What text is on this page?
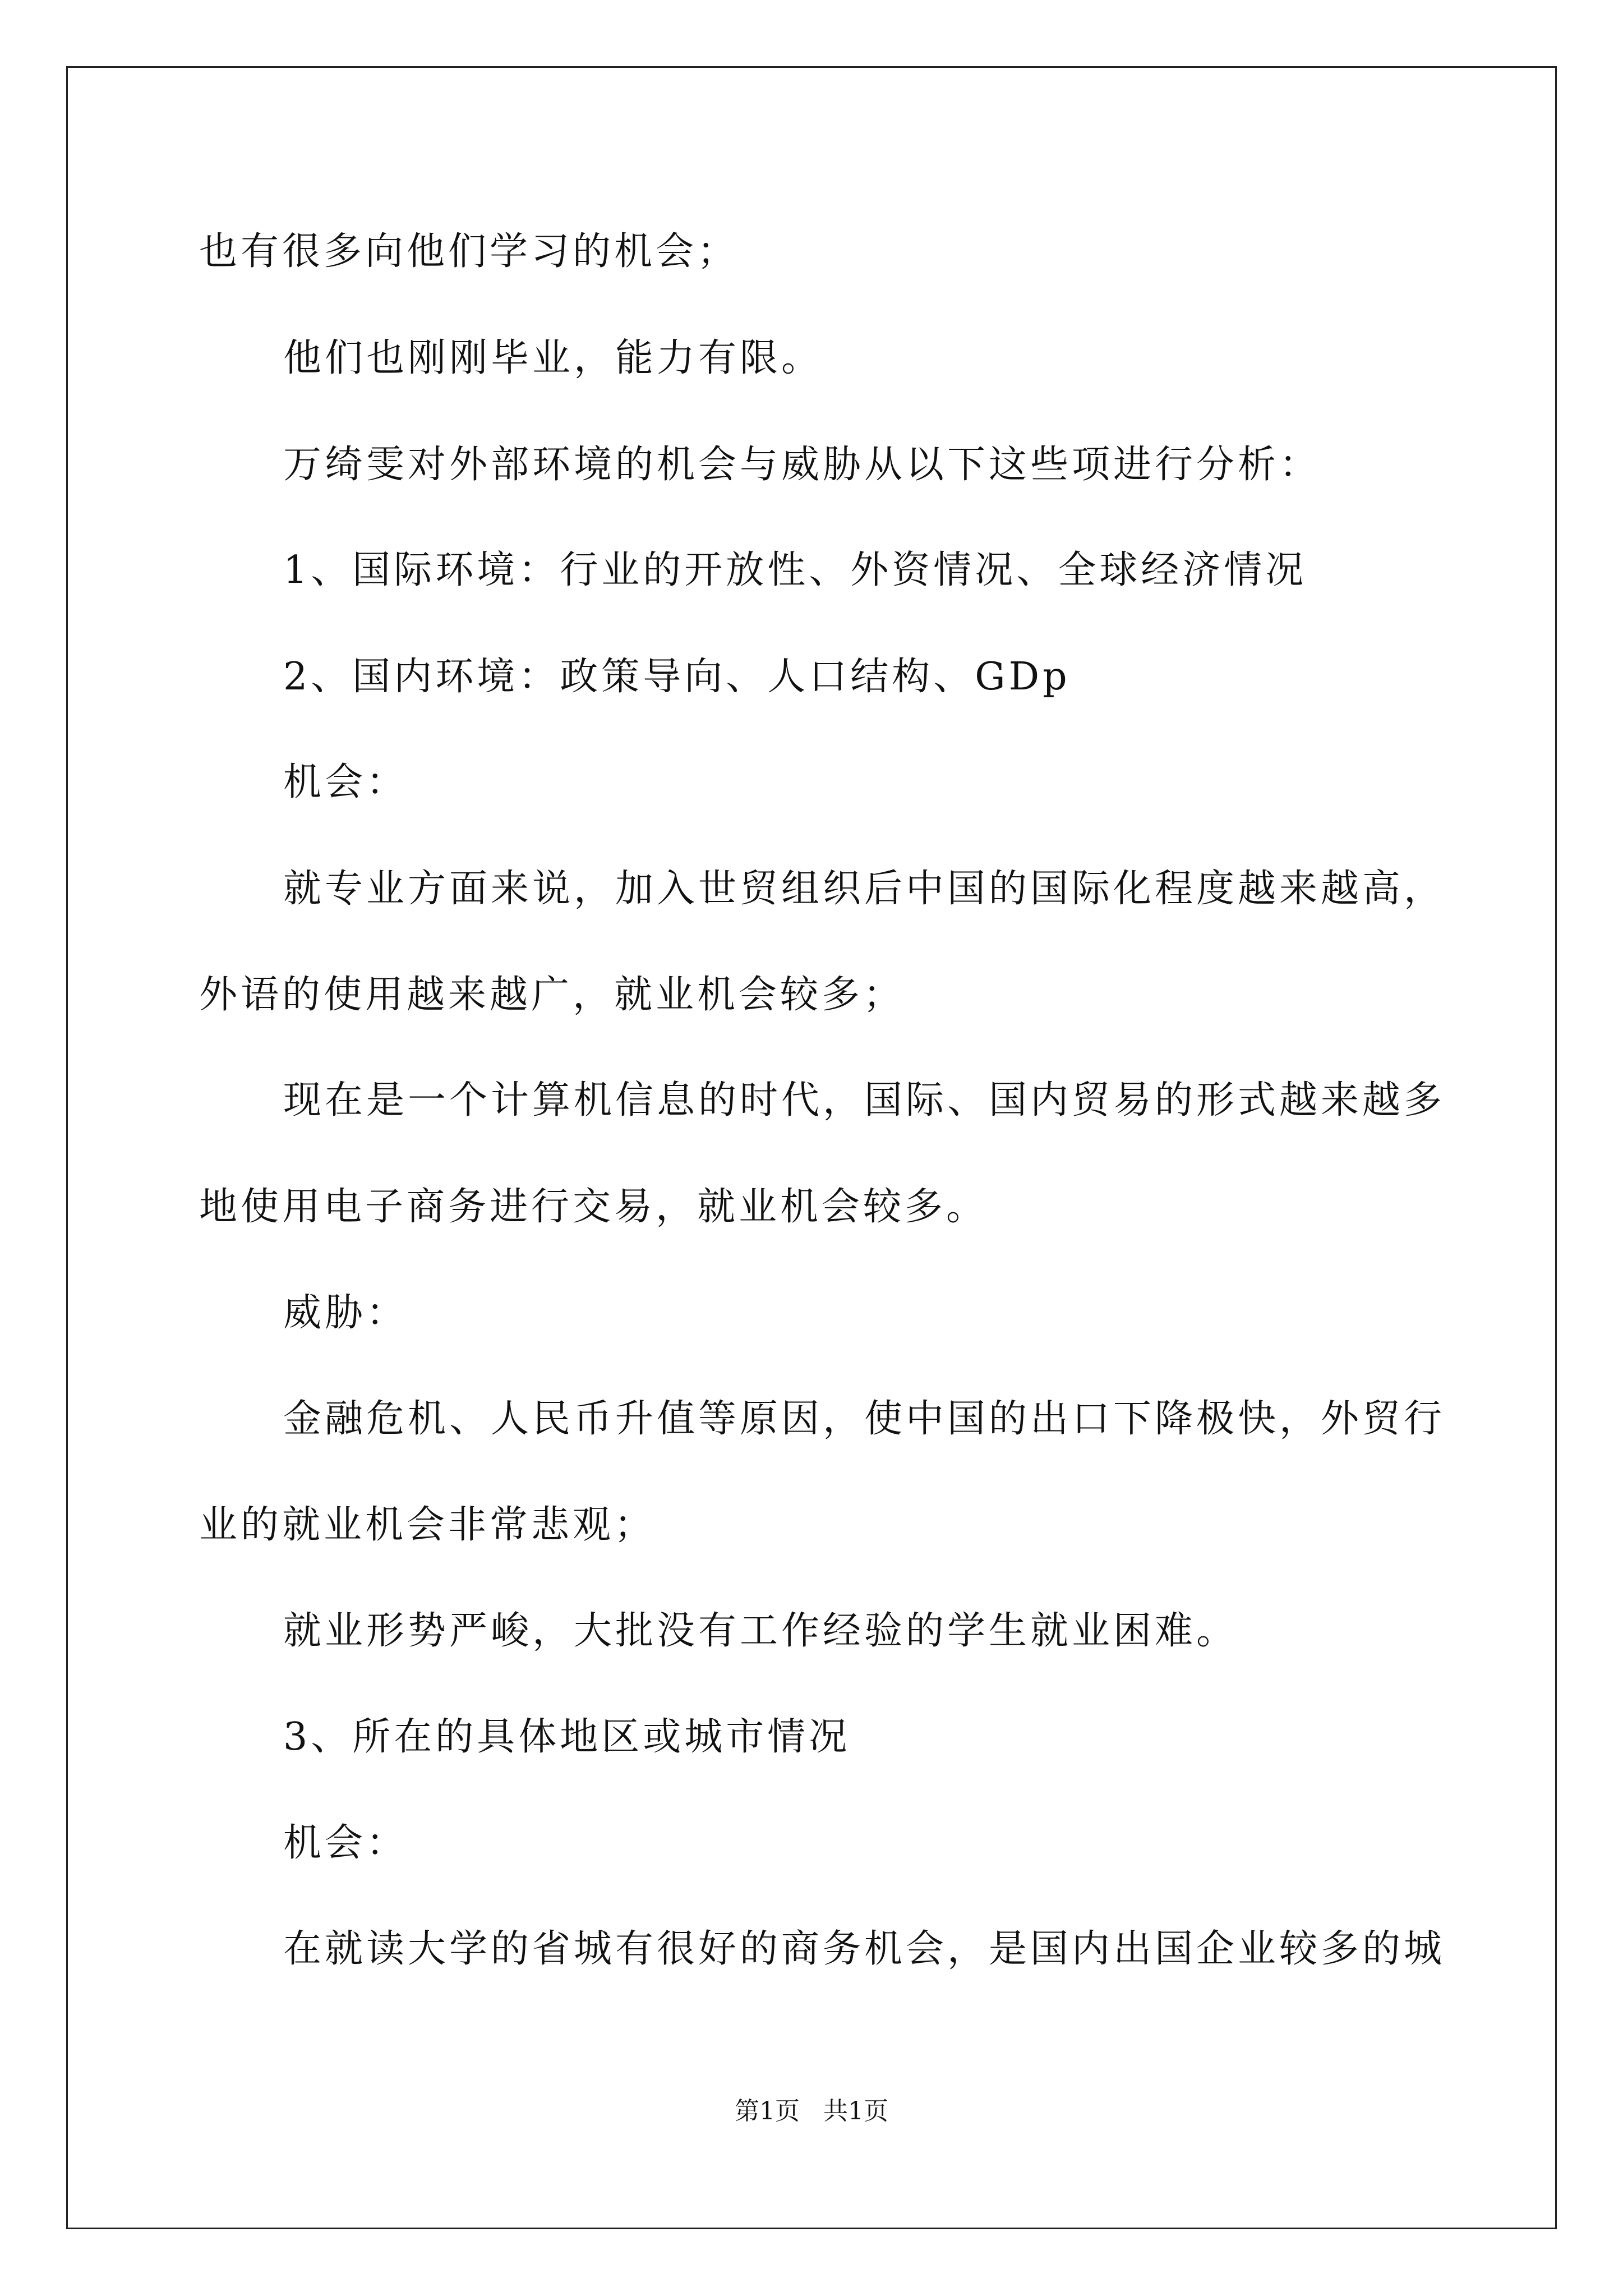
也有很多向他们学习的机会；
他们也刚刚毕业，能力有限。
万绮雯对外部环境的机会与威胁从以下这些项进行分析：
1、国际环境：行业的开放性、外资情况、全球经济情况
2、国内环境：政策导向、人口结构、GDp
机会：
就专业方面来说，加入世贸组织后中国的国际化程度越来越高，
外语的使用越来越广，就业机会较多；
现在是一个计算机信息的时代，国际、国内贸易的形式越来越多
地使用电子商务进行交易，就业机会较多。
威胁：
金融危机、人民币升值等原因，使中国的出口下降极快，外贸行
业的就业机会非常悲观；
就业形势严峻，大批没有工作经验的学生就业困难。
3、所在的具体地区或城市情况
机会：
在就读大学的省城有很好的商务机会，是国内出国企业较多的城
第1页 共1页
